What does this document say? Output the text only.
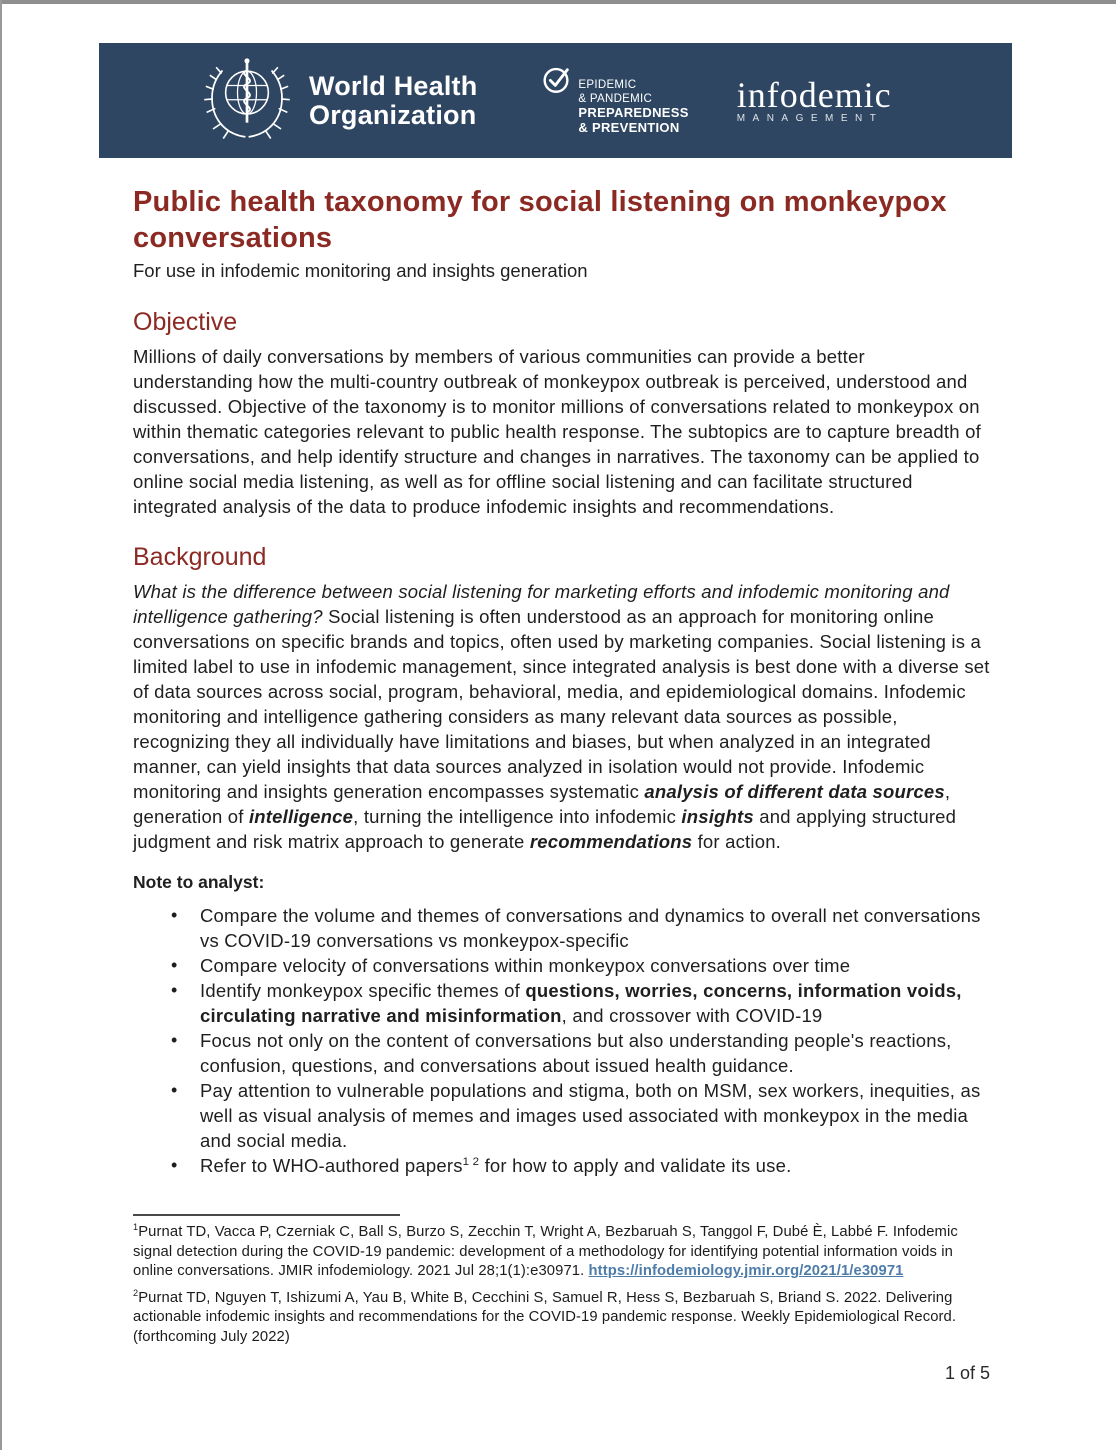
World Health
Organization
EPIDEMIC
& PANDEMIC
PREPAREDNESS
& PREVENTION
infodemic
MANAGEMENT
Public health taxonomy for social listening on monkeypox conversations

For use in infodemic monitoring and insights generation

Objective

Millions of daily conversations by members of various communities can provide a better understanding how the multi-country outbreak of monkeypox outbreak is perceived, understood and discussed. Objective of the taxonomy is to monitor millions of conversations related to monkeypox on within thematic categories relevant to public health response. The subtopics are to capture breadth of conversations, and help identify structure and changes in narratives. The taxonomy can be applied to online social media listening, as well as for offline social listening and can facilitate structured integrated analysis of the data to produce infodemic insights and recommendations.

Background

What is the difference between social listening for marketing efforts and infodemic monitoring and intelligence gathering? Social listening is often understood as an approach for monitoring online conversations on specific brands and topics, often used by marketing companies. Social listening is a limited label to use in infodemic management, since integrated analysis is best done with a diverse set of data sources across social, program, behavioral, media, and epidemiological domains. Infodemic monitoring and intelligence gathering considers as many relevant data sources as possible, recognizing they all individually have limitations and biases, but when analyzed in an integrated manner, can yield insights that data sources analyzed in isolation would not provide. Infodemic monitoring and insights generation encompasses systematic analysis of different data sources, generation of intelligence, turning the intelligence into infodemic insights and applying structured judgment and risk matrix approach to generate recommendations for action.

Note to analyst:

• Compare the volume and themes of conversations and dynamics to overall net conversations vs COVID-19 conversations vs monkeypox-specific
• Compare velocity of conversations within monkeypox conversations over time
• Identify monkeypox specific themes of questions, worries, concerns, information voids, circulating narrative and misinformation, and crossover with COVID-19
• Focus not only on the content of conversations but also understanding people's reactions, confusion, questions, and conversations about issued health guidance.
• Pay attention to vulnerable populations and stigma, both on MSM, sex workers, inequities, as well as visual analysis of memes and images used associated with monkeypox in the media and social media.
• Refer to WHO-authored papers$^1$ $^2$ for how to apply and validate its use.

$^1$Purnat TD, Vacca P, Czerniak C, Ball S, Burzo S, Zecchin T, Wright A, Bezbaruah S, Tanggol F, Dubé È, Labbé F. Infodemic signal detection during the COVID-19 pandemic: development of a methodology for identifying potential information voids in online conversations. JMIR infodemiology. 2021 Jul 28;1(1):e30971. https://infodemiology.jmir.org/2021/1/e30971

$^2$Purnat TD, Nguyen T, Ishizumi A, Yau B, White B, Cecchini S, Samuel R, Hess S, Bezbaruah S, Briand S. 2022. Delivering actionable infodemic insights and recommendations for the COVID-19 pandemic response. Weekly Epidemiological Record. (forthcoming July 2022)

1 of 5
